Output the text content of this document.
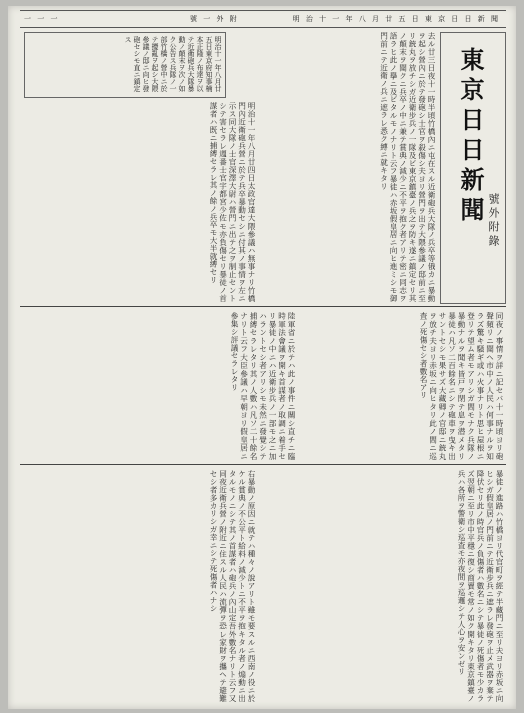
一 一 一	號 一 外 附	明 治 十 一 年 八 月 廿 五 日 東 京 日 日 新 聞
東京日日新聞 號外附錄
明治十一年八月廿五日東京府知事楠本正隆ノ布達ヲ以テ近衛砲兵大隊暴動ノ顛末ヲ次ノ如ク公告ス兵隊ノ一部竹橋ノ營中ニ於テ擾亂ヲ起シ大隈參議ノ邸ニ向ヒ發砲セシモ直ニ鎮定ス	去ル廿三日夜十一時半頃竹橋內ニ屯在スル近衛砲兵大隊ノ兵卒等俄カニ暴動ヲ起シ營內ニ於テ發砲シ士官ヲ殺傷シ夫ヨリ營門ヲ出テ大隈參議ノ邸前ニ至リ銃丸ヲ放チシガ近衛步兵ノ一隊及ビ東京鎮臺ノ兵之ヲ防キ遂ニ鎮定セリ其ノ顛末ヲ聞クニ兵卒ノ中ニ兼テ賞典ノ減少ニ不平ヲ抱ク者アリテ密ニ同志ヲ語ラヒ此ノ擧ニ及ビタルモノナリト云フ暴徒ハ赤坂假皇居ニ向ヒ進ミシモ御門前ニテ近衛ノ兵ニ遮ラレ悉ク縛ニ就キタリ
明治十一年八月廿四日太政官達大隈參議ハ無事ナリ竹橋門內近衛砲兵營ニ於テ兵卒暴動セシニ付其ノ事情ヲ左ニ示ス同大隊ノ士官深澤大尉ハ營門ニ出テ之ヲ制止セントシテ害セラレ週番士官宇都宮少佐モ亦負傷セリ暴徒ノ首謀者ハ既ニ捕縛セラレ其ノ餘ノ兵卒モ大半就縛セリ
同夜ノ事情ヲ詳ニ記セバ十一時頃ヨリ砲聲頻リニ聞ヘ市中ノ人民ハ何事ナルヲ知ラズ驚キ騒ギ或ハ火事ナリト思ヒ屋根ニ登リテ望ム者モアリシガ間モナク兵隊ノ暴動ナルヲ聞キ皆戸ヲ閉テ息ヲ潜メタリ暴徒ハ凡ソ二百餘名ニシテ砲車ヲ曳キ出サントセシモ果サズ大藏卿ノ官邸ニ銃丸ヲ放チ夫ヨリ赤坂ニ向ヒタリ此ノ間ニ巡査ノ死傷セシ者數名アリ
陸軍省ニ於テハ此ノ事件ニ關シ直チニ臨時軍法會議ヲ開キ首謀者ノ取調ニ着手セリ暴徒ノ中ニハ近衛步兵ノ一部モ之ニ加ハラントセシ者アリシモ未然ニ發覺シテ捕縛セラレタリ其ノ人數ハ凡ソ二十餘名ナリト云フ大臣參議ハ早朝ヨリ假皇居ニ參集シ評議セラレタリ
暴徒ノ進路ハ竹橋ヨリ代官町ヲ經テ半藏門ニ至リ夫ヨリ赤坂ニ向ヒシガ假皇居ノ門前ニテ近衛步兵ニ遮ラレ發砲ヲ止メ武器ヲ棄テ降伏セリ此ノ時官兵ノ負傷者ハ數名ニシテ暴徒ノ死傷者モ少カラズ翌朝ニ至リ市中平穩ニ復シ商賣モ常ノ如ク開キタリ東京鎮臺ノ兵ハ各所ヲ警衛シ巡査モ亦夜間ヲ巡邏シテ人心ヲ安ンゼリ
右暴動ノ原因ニ就テハ種々ノ說アリト雖モ要スルニ西南ノ役ニ於ケル賞典ノ不公平ト給料ノ減少トニ不平ヲ抱キタル者ノ煽動ニ出タルモノニシテ其ノ首謀者ハ砲兵ノ內山定吾外數名ナリト云フ又同夜近衛兵營ノ附近ニ住スル人民ハ流彈ヲ恐レ家財ヲ攜ヘテ避難セシ者多カリシガ幸ニシテ死傷者ハナシ
